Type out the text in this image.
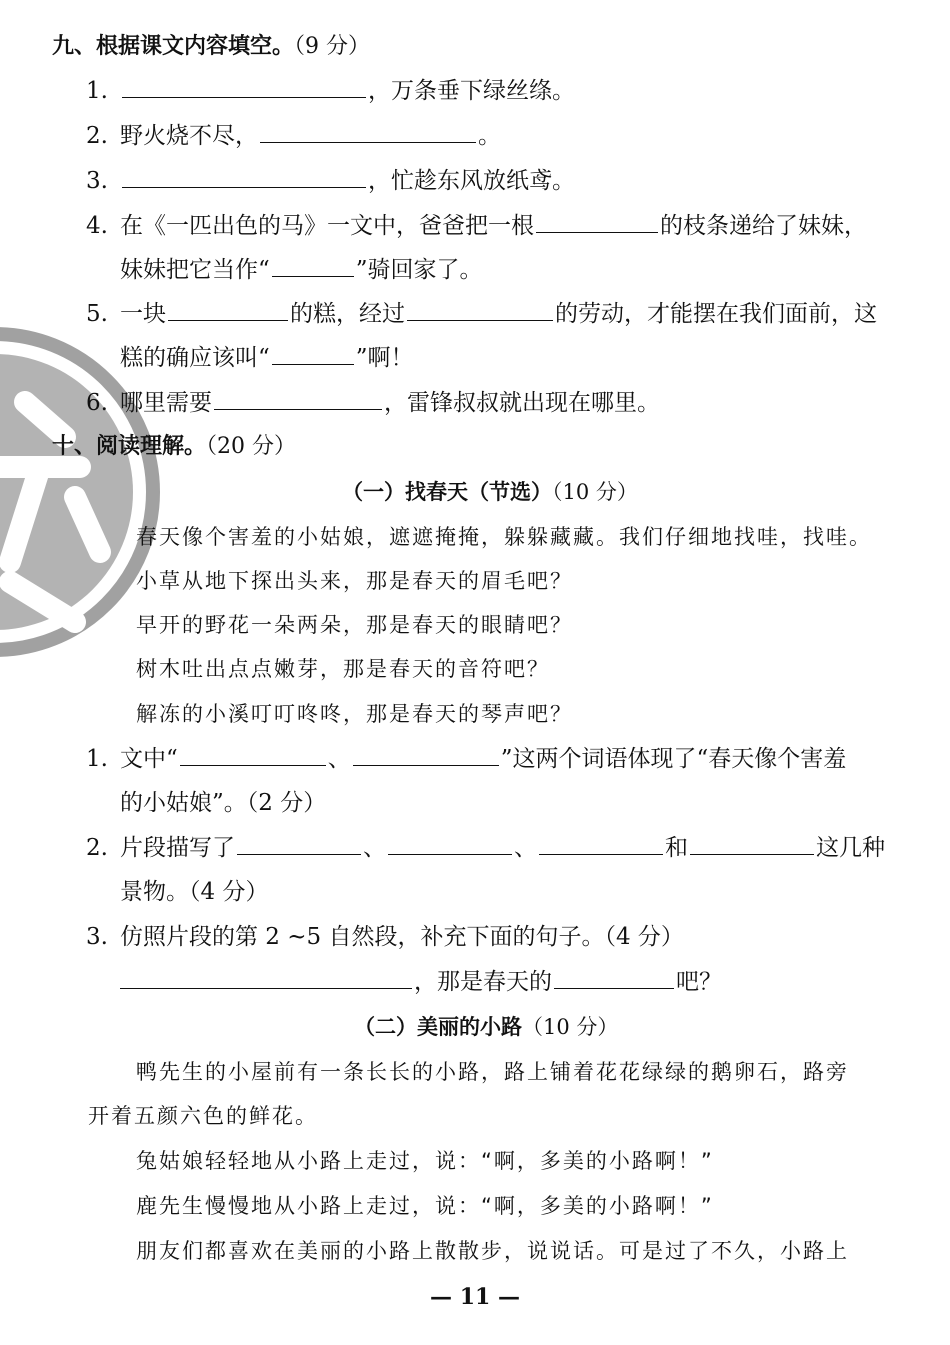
九、根据课文内容填空。（9 分）
1.	，万条垂下绿丝绦。
2. 野火烧不尽，	。
3.	，忙趁东风放纸鸢。
4. 在《一匹出色的马》一文中，爸爸把一根	的枝条递给了妹妹，
妹妹把它当作“	”骑回家了。
5. 一块	的糕，经过	的劳动，才能摆在我们面前，这
糕的确应该叫“	”啊！
6. 哪里需要	，雷锋叔叔就出现在哪里。
十、阅读理解。（20 分）
（一）找春天（节选）（10 分）
春天像个害羞的小姑娘，遮遮掩掩，躲躲藏藏。我们仔细地找哇，找哇。
小草从地下探出头来，那是春天的眉毛吧？
早开的野花一朵两朵，那是春天的眼睛吧？
树木吐出点点嫩芽，那是春天的音符吧？
解冻的小溪叮叮咚咚，那是春天的琴声吧？
1. 文中“	、	”这两个词语体现了“春天像个害羞
的小姑娘”。（2 分）
2. 片段描写了	、	、	和	这几种
景物。（4 分）
3. 仿照片段的第 2 ~5 自然段，补充下面的句子。（4 分）
，那是春天的	吧？
（二）美丽的小路（10 分）
鸭先生的小屋前有一条长长的小路，路上铺着花花绿绿的鹅卵石，路旁
开着五颜六色的鲜花。
兔姑娘轻轻地从小路上走过，说：“啊，多美的小路啊！”
鹿先生慢慢地从小路上走过，说：“啊，多美的小路啊！”
朋友们都喜欢在美丽的小路上散散步，说说话。可是过了不久，小路上
— 11 —
